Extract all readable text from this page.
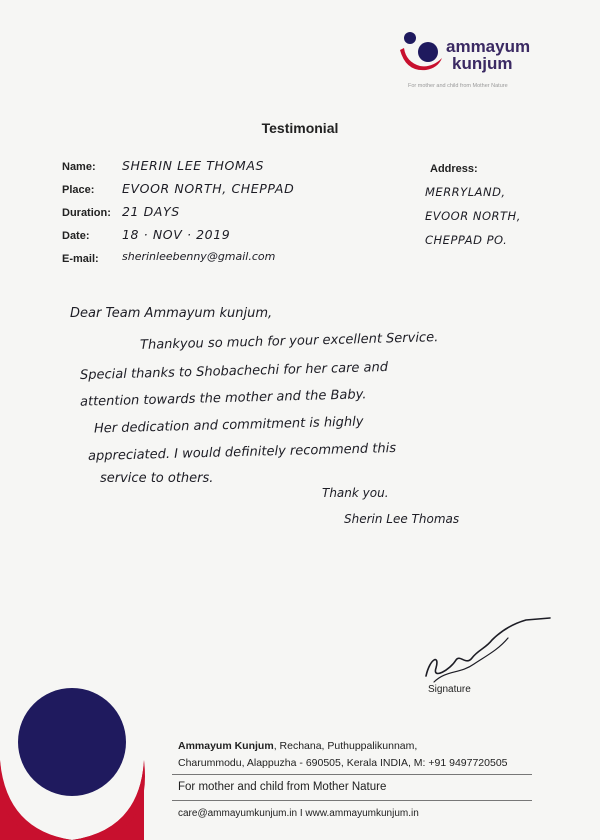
ammayum
kunjum
For mother and child from Mother Nature
Testimonial
Name: SHERIN LEE THOMAS
Place: EVOOR NORTH, CHEPPAD
Duration: 21 DAYS
Date:	18 · NOV · 2019
E-mail: sherinleebenny@gmail.com
Address:
MERRYLAND,
EVOOR NORTH,
CHEPPAD PO.
Dear Team Ammayum kunjum,
Thankyou so much for your excellent Service.
Special thanks to Shobachechi for her care and
attention towards the mother and the Baby.
Her dedication and commitment is highly
appreciated. I would definitely recommend this
service to others.
Thank you.
Sherin Lee Thomas
Signature
Ammayum Kunjum, Rechana, Puthuppalikunnam,
Charummodu, Alappuzha - 690505, Kerala INDIA, M: +91 9497720505
For mother and child from Mother Nature
care@ammayumkunjum.in I www.ammayumkunjum.in
